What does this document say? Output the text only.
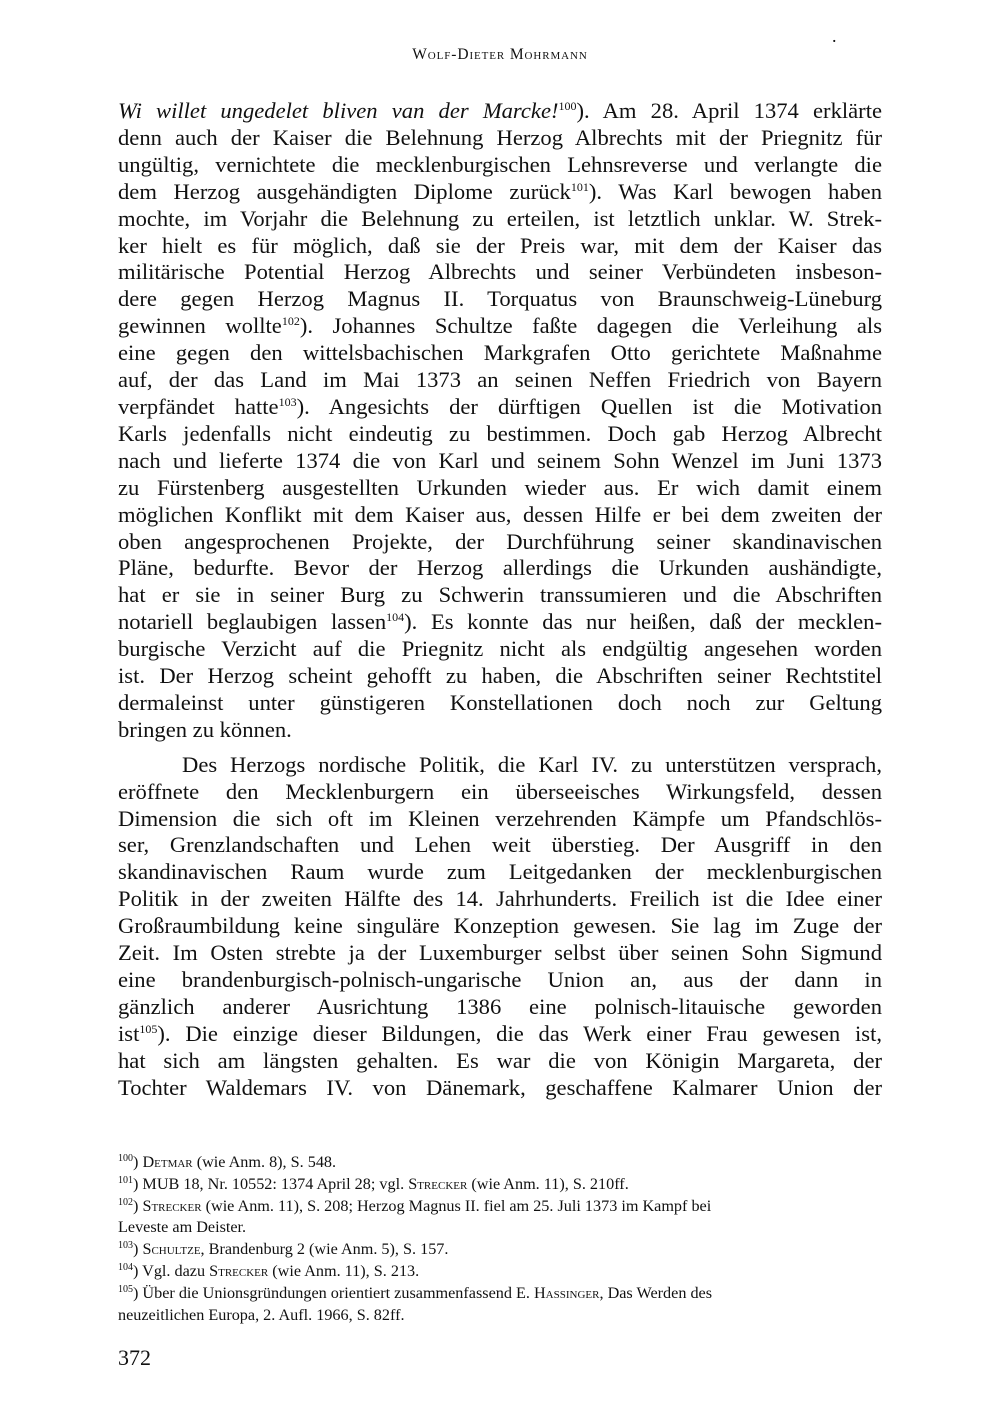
Wolf-Dieter Mohrmann
.
Wi willet ungedelet bliven van der Marcke!$^{100}$). Am 28. April 1374 erklärte
denn auch der Kaiser die Belehnung Herzog Albrechts mit der Priegnitz für
ungültig, vernichtete die mecklenburgischen Lehnsreverse und verlangte die
dem Herzog ausgehändigten Diplome zurück$^{101}$). Was Karl bewogen haben
mochte, im Vorjahr die Belehnung zu erteilen, ist letztlich unklar. W. Strek-
ker hielt es für möglich, daß sie der Preis war, mit dem der Kaiser das
militärische Potential Herzog Albrechts und seiner Verbündeten insbeson-
dere gegen Herzog Magnus II. Torquatus von Braunschweig-Lüneburg
gewinnen wollte$^{102}$). Johannes Schultze faßte dagegen die Verleihung als
eine gegen den wittelsbachischen Markgrafen Otto gerichtete Maßnahme
auf, der das Land im Mai 1373 an seinen Neffen Friedrich von Bayern
verpfändet hatte$^{103}$). Angesichts der dürftigen Quellen ist die Motivation
Karls jedenfalls nicht eindeutig zu bestimmen. Doch gab Herzog Albrecht
nach und lieferte 1374 die von Karl und seinem Sohn Wenzel im Juni 1373
zu Fürstenberg ausgestellten Urkunden wieder aus. Er wich damit einem
möglichen Konflikt mit dem Kaiser aus, dessen Hilfe er bei dem zweiten der
oben angesprochenen Projekte, der Durchführung seiner skandinavischen
Pläne, bedurfte. Bevor der Herzog allerdings die Urkunden aushändigte,
hat er sie in seiner Burg zu Schwerin transsumieren und die Abschriften
notariell beglaubigen lassen$^{104}$). Es konnte das nur heißen, daß der mecklen-
burgische Verzicht auf die Priegnitz nicht als endgültig angesehen worden
ist. Der Herzog scheint gehofft zu haben, die Abschriften seiner Rechtstitel
dermaleinst unter günstigeren Konstellationen doch noch zur Geltung
bringen zu können.
Des Herzogs nordische Politik, die Karl IV. zu unterstützen versprach,
eröffnete den Mecklenburgern ein überseeisches Wirkungsfeld, dessen
Dimension die sich oft im Kleinen verzehrenden Kämpfe um Pfandschlös-
ser, Grenzlandschaften und Lehen weit überstieg. Der Ausgriff in den
skandinavischen Raum wurde zum Leitgedanken der mecklenburgischen
Politik in der zweiten Hälfte des 14. Jahrhunderts. Freilich ist die Idee einer
Großraumbildung keine singuläre Konzeption gewesen. Sie lag im Zuge der
Zeit. Im Osten strebte ja der Luxemburger selbst über seinen Sohn Sigmund
eine brandenburgisch-polnisch-ungarische Union an, aus der dann in
gänzlich anderer Ausrichtung 1386 eine polnisch-litauische geworden
ist$^{105}$). Die einzige dieser Bildungen, die das Werk einer Frau gewesen ist,
hat sich am längsten gehalten. Es war die von Königin Margareta, der
Tochter Waldemars IV. von Dänemark, geschaffene Kalmarer Union der
$^{100}$) Detmar (wie Anm. 8), S. 548.
$^{101}$) MUB 18, Nr. 10552: 1374 April 28; vgl. Strecker (wie Anm. 11), S. 210ff.
$^{102}$) Strecker (wie Anm. 11), S. 208; Herzog Magnus II. fiel am 25. Juli 1373 im Kampf bei
Leveste am Deister.
$^{103}$) Schultze, Brandenburg 2 (wie Anm. 5), S. 157.
$^{104}$) Vgl. dazu Strecker (wie Anm. 11), S. 213.
$^{105}$) Über die Unionsgründungen orientiert zusammenfassend E. Hassinger, Das Werden des
neuzeitlichen Europa, 2. Aufl. 1966, S. 82ff.
372
